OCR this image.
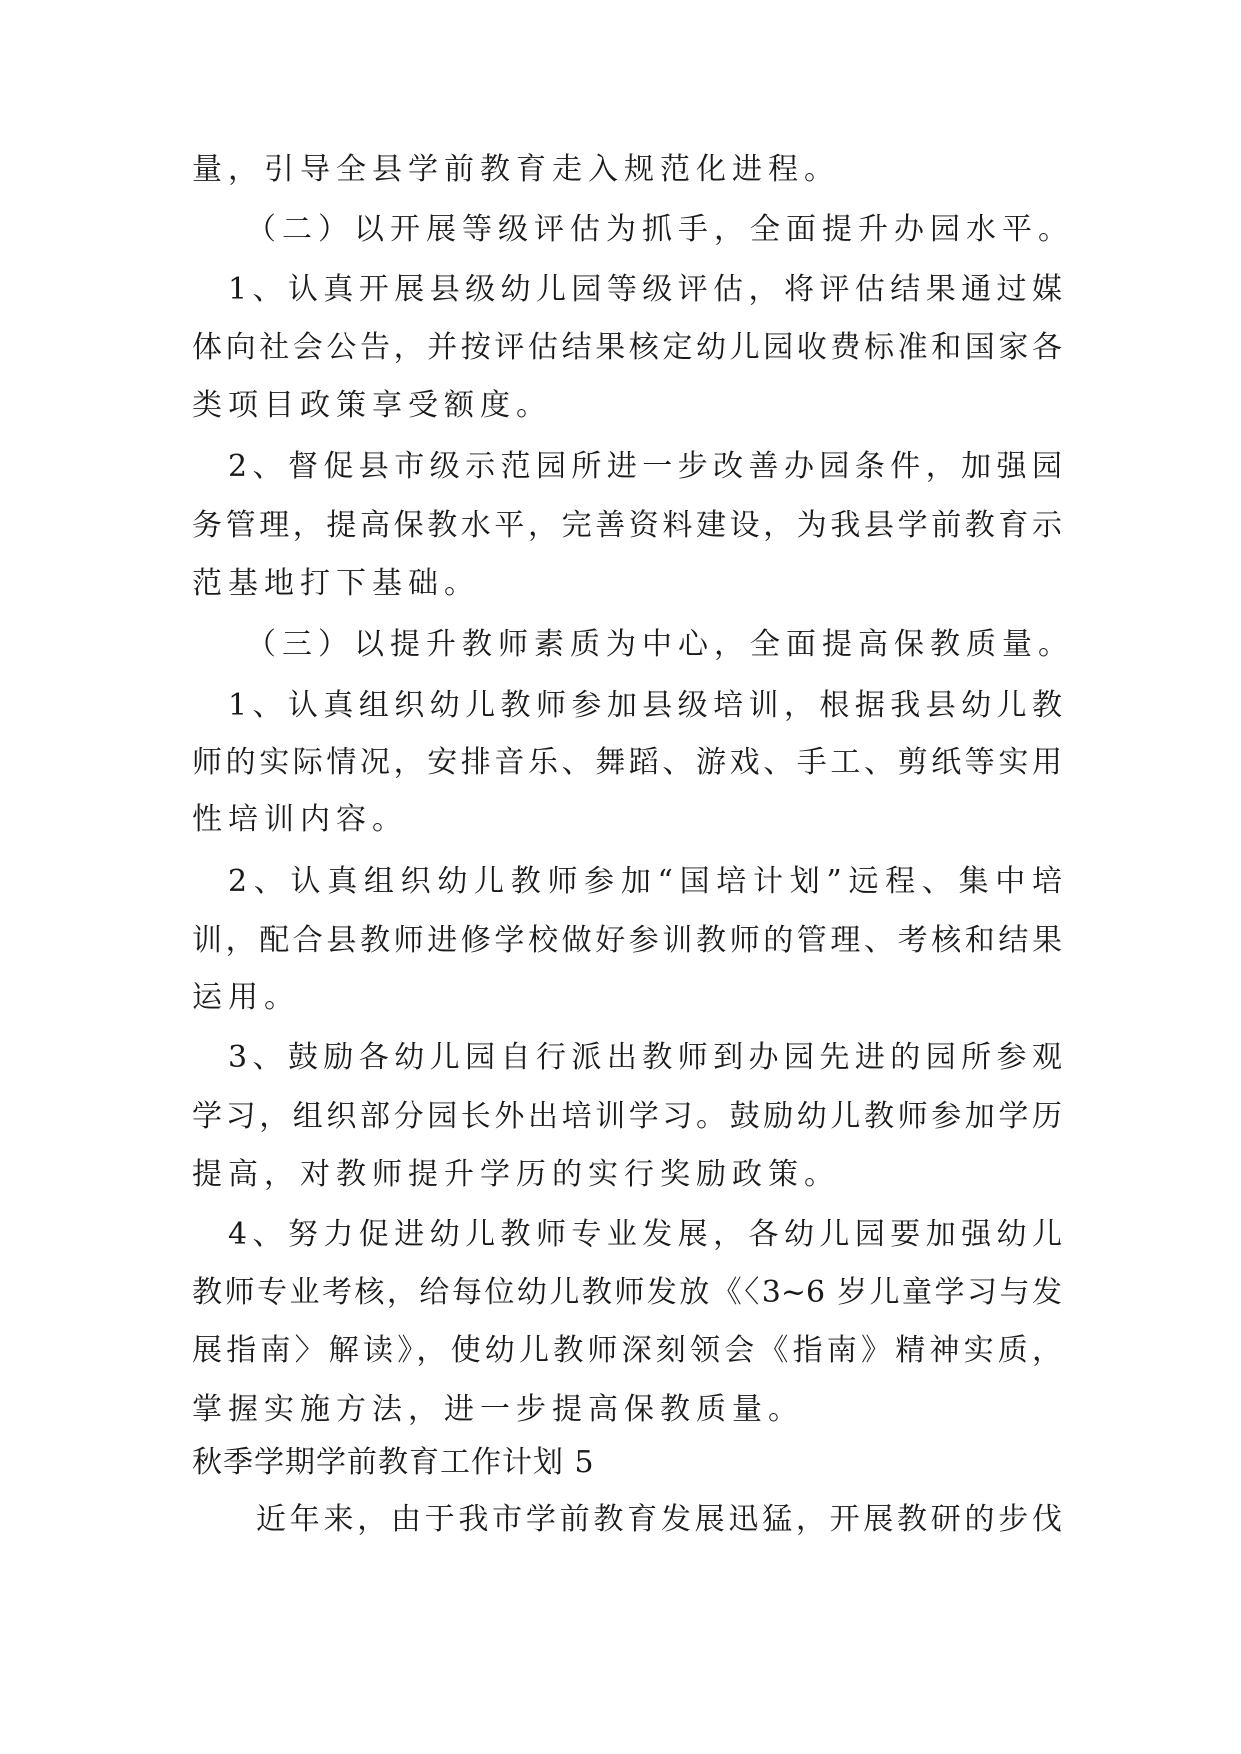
量，引导全县学前教育走入规范化进程。
（二）以开展等级评估为抓手，全面提升办园水平。
1、认真开展县级幼儿园等级评估，将评估结果通过媒
体向社会公告，并按评估结果核定幼儿园收费标准和国家各
类项目政策享受额度。
2、督促县市级示范园所进一步改善办园条件，加强园
务管理，提高保教水平，完善资料建设，为我县学前教育示
范基地打下基础。
（三）以提升教师素质为中心，全面提高保教质量。
1、认真组织幼儿教师参加县级培训，根据我县幼儿教
师的实际情况，安排音乐、舞蹈、游戏、手工、剪纸等实用
性培训内容。
2、认真组织幼儿教师参加“国培计划”远程、集中培
训，配合县教师进修学校做好参训教师的管理、考核和结果
运用。
3、鼓励各幼儿园自行派出教师到办园先进的园所参观
学习，组织部分园长外出培训学习。鼓励幼儿教师参加学历
提高，对教师提升学历的实行奖励政策。
4、努力促进幼儿教师专业发展，各幼儿园要加强幼儿
教师专业考核，给每位幼儿教师发放《〈3~6 岁儿童学习与发
展指南〉解读》，使幼儿教师深刻领会《指南》精神实质，
掌握实施方法，进一步提高保教质量。
秋季学期学前教育工作计划 5
近年来，由于我市学前教育发展迅猛，开展教研的步伐
